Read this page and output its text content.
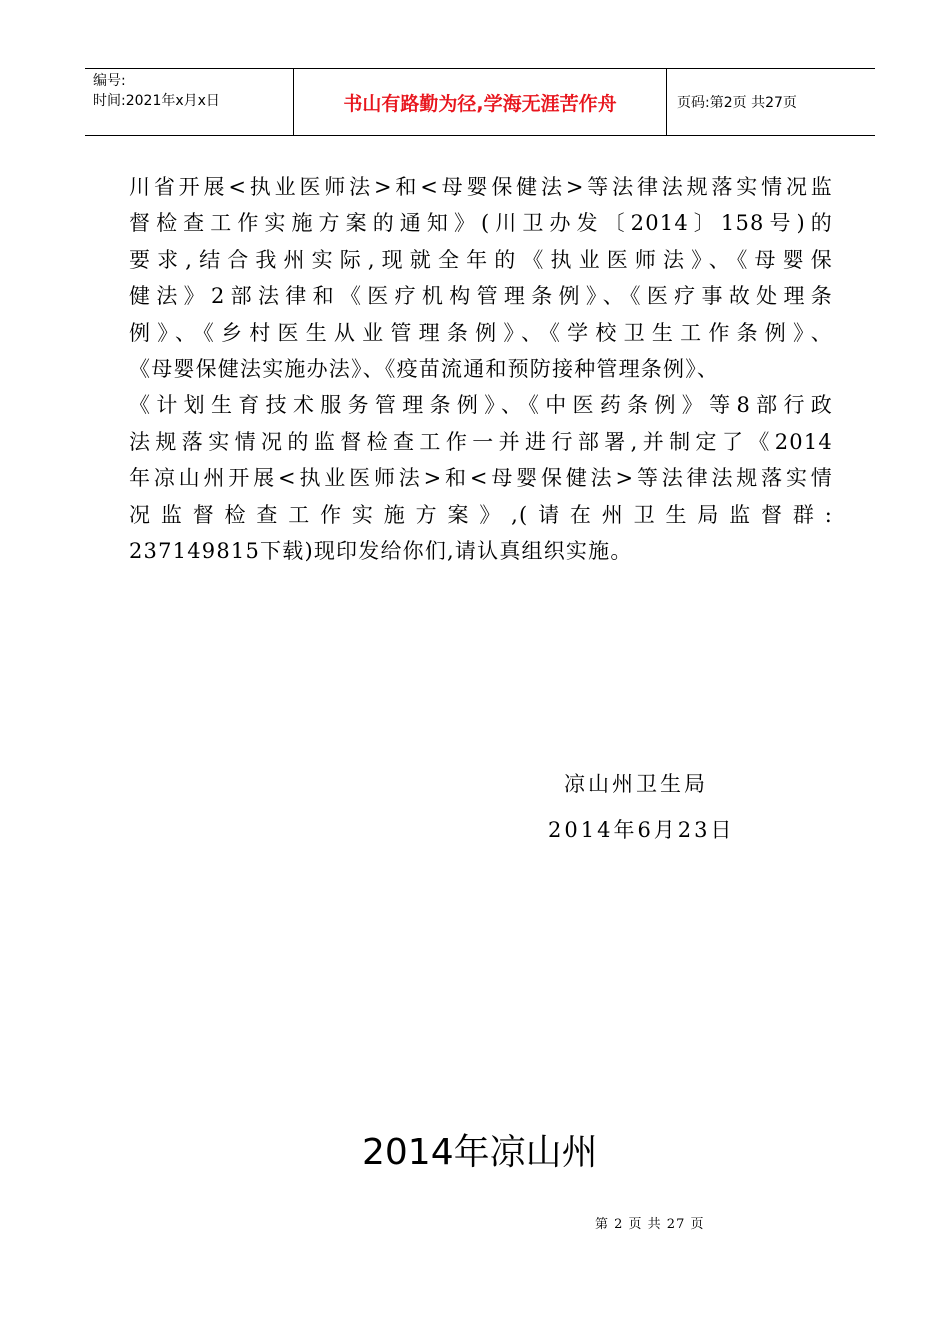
编号:
时间:2021年x月x日	书山有路勤为径,学海无涯苦作舟	页码:第2页 共27页
川省开展<执业医师法>和<母婴保健法>等法律法规落实情况监
督检查工作实施方案的通知》(川卫办发〔2014〕158号)的
要求,结合我州实际,现就全年的《执业医师法》、《母婴保
健法》2部法律和《医疗机构管理条例》、《医疗事故处理条
例》、《乡村医生从业管理条例》、《学校卫生工作条例》、
《母婴保健法实施办法》、《疫苗流通和预防接种管理条例》、
《计划生育技术服务管理条例》、《中医药条例》等8部行政
法规落实情况的监督检查工作一并进行部署,并制定了《2014
年凉山州开展<执业医师法>和<母婴保健法>等法律法规落实情
况监督检查工作实施方案》,(请在州卫生局监督群:
237149815下载)现印发给你们,请认真组织实施。
凉山州卫生局
2014年6月23日
2014年凉山州
第 2 页 共 27 页
